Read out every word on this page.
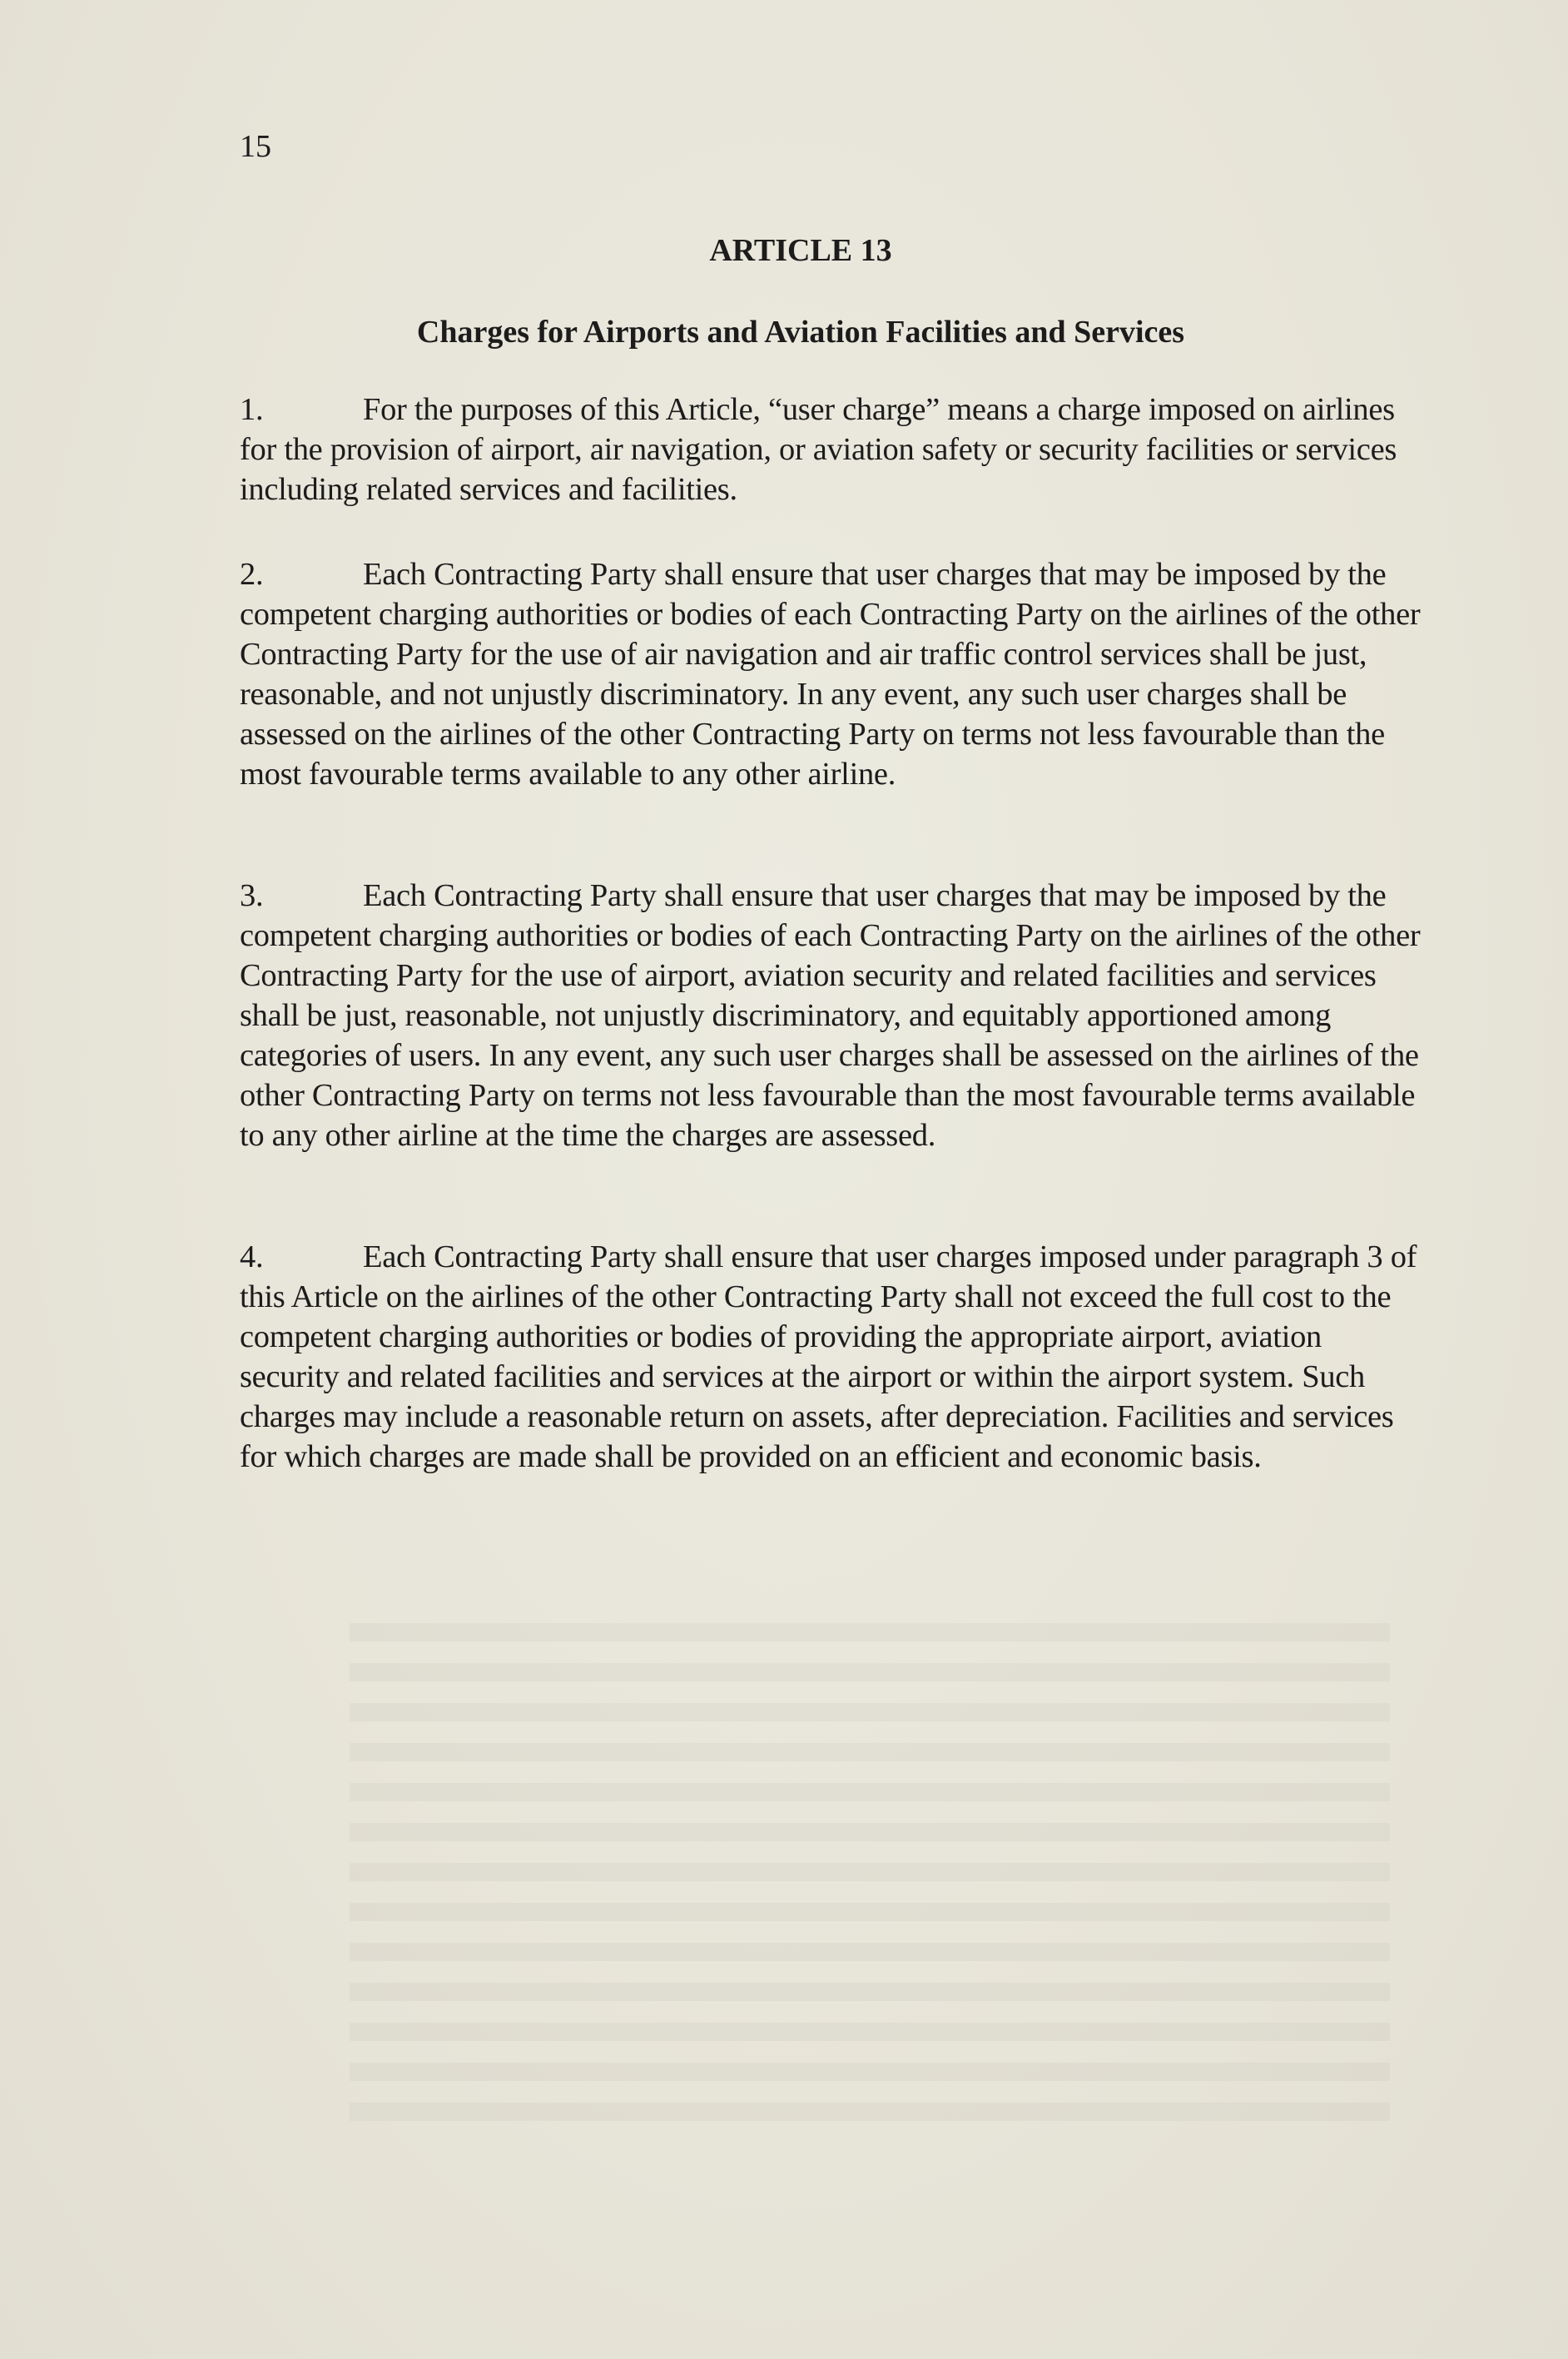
15
ARTICLE 13
Charges for Airports and Aviation Facilities and Services
1.	For the purposes of this Article, “user charge” means a charge imposed on airlines for the provision of airport, air navigation, or aviation safety or security facilities or services including related services and facilities.
2.	Each Contracting Party shall ensure that user charges that may be imposed by the competent charging authorities or bodies of each Contracting Party on the airlines of the other Contracting Party for the use of air navigation and air traffic control services shall be just, reasonable, and not unjustly discriminatory. In any event, any such user charges shall be assessed on the airlines of the other Contracting Party on terms not less favourable than the most favourable terms available to any other airline.
3.	Each Contracting Party shall ensure that user charges that may be imposed by the competent charging authorities or bodies of each Contracting Party on the airlines of the other Contracting Party for the use of airport, aviation security and related facilities and services shall be just, reasonable, not unjustly discriminatory, and equitably apportioned among categories of users. In any event, any such user charges shall be assessed on the airlines of the other Contracting Party on terms not less favourable than the most favourable terms available to any other airline at the time the charges are assessed.
4.	Each Contracting Party shall ensure that user charges imposed under paragraph 3 of this Article on the airlines of the other Contracting Party shall not exceed the full cost to the competent charging authorities or bodies of providing the appropriate airport, aviation security and related facilities and services at the airport or within the airport system. Such charges may include a reasonable return on assets, after depreciation. Facilities and services for which charges are made shall be provided on an efficient and economic basis.
